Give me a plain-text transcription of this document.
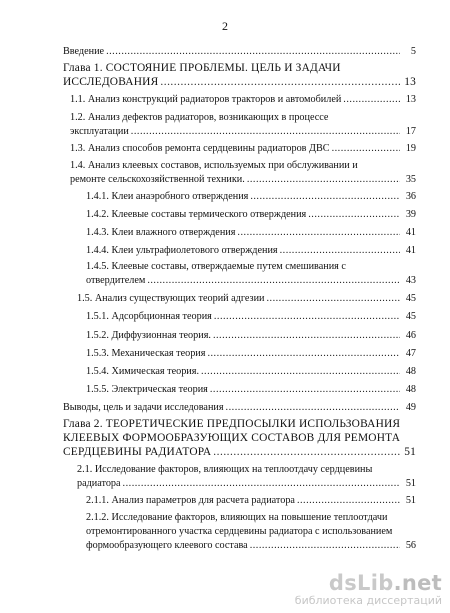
2
Введение .....	5
Глава 1. СОСТОЯНИЕ ПРОБЛЕМЫ. ЦЕЛЬ И ЗАДАЧИ
ИССЛЕДОВАНИЯ .....	13
1.1. Анализ конструкций радиаторов тракторов и автомобилей .....	13
1.2. Анализ дефектов радиаторов, возникающих в процессе
эксплуатации .....	17
1.3. Анализ способов ремонта сердцевины радиаторов ДВС .....	19
1.4. Анализ клеевых составов, используемых при обслуживании и
ремонте сельскохозяйственной техники. .....	35
1.4.1. Клеи анаэробного отверждения .....	36
1.4.2. Клеевые составы термического отверждения .....	39
1.4.3. Клеи влажного отверждения .....	41
1.4.4. Клеи ультрафиолетового отверждения .....	41
1.4.5. Клеевые составы, отверждаемые путем смешивания с
отвердителем .....	43
1.5. Анализ существующих теорий адгезии .....	45
1.5.1. Адсорбционная теория .....	45
1.5.2. Диффузионная теория. .....	46
1.5.3. Механическая теория .....	47
1.5.4. Химическая теория. .....	48
1.5.5. Электрическая теория .....	48
Выводы, цель и задачи исследования .....	49
Глава 2. ТЕОРЕТИЧЕСКИЕ ПРЕДПОСЫЛКИ ИСПОЛЬЗОВАНИЯ
КЛЕЕВЫХ ФОРМООБРАЗУЮЩИХ СОСТАВОВ ДЛЯ РЕМОНТА
СЕРДЦЕВИНЫ РАДИАТОРА .....	51
2.1. Исследование факторов, влияющих на теплоотдачу сердцевины
радиатора .....	51
2.1.1. Анализ параметров для расчета радиатора .....	51
2.1.2. Исследование факторов, влияющих на повышение теплоотдачи
отремонтированного участка сердцевины радиатора с использованием
формообразующего клеевого состава .....	56
dsLib.net
библиотека диссертаций
